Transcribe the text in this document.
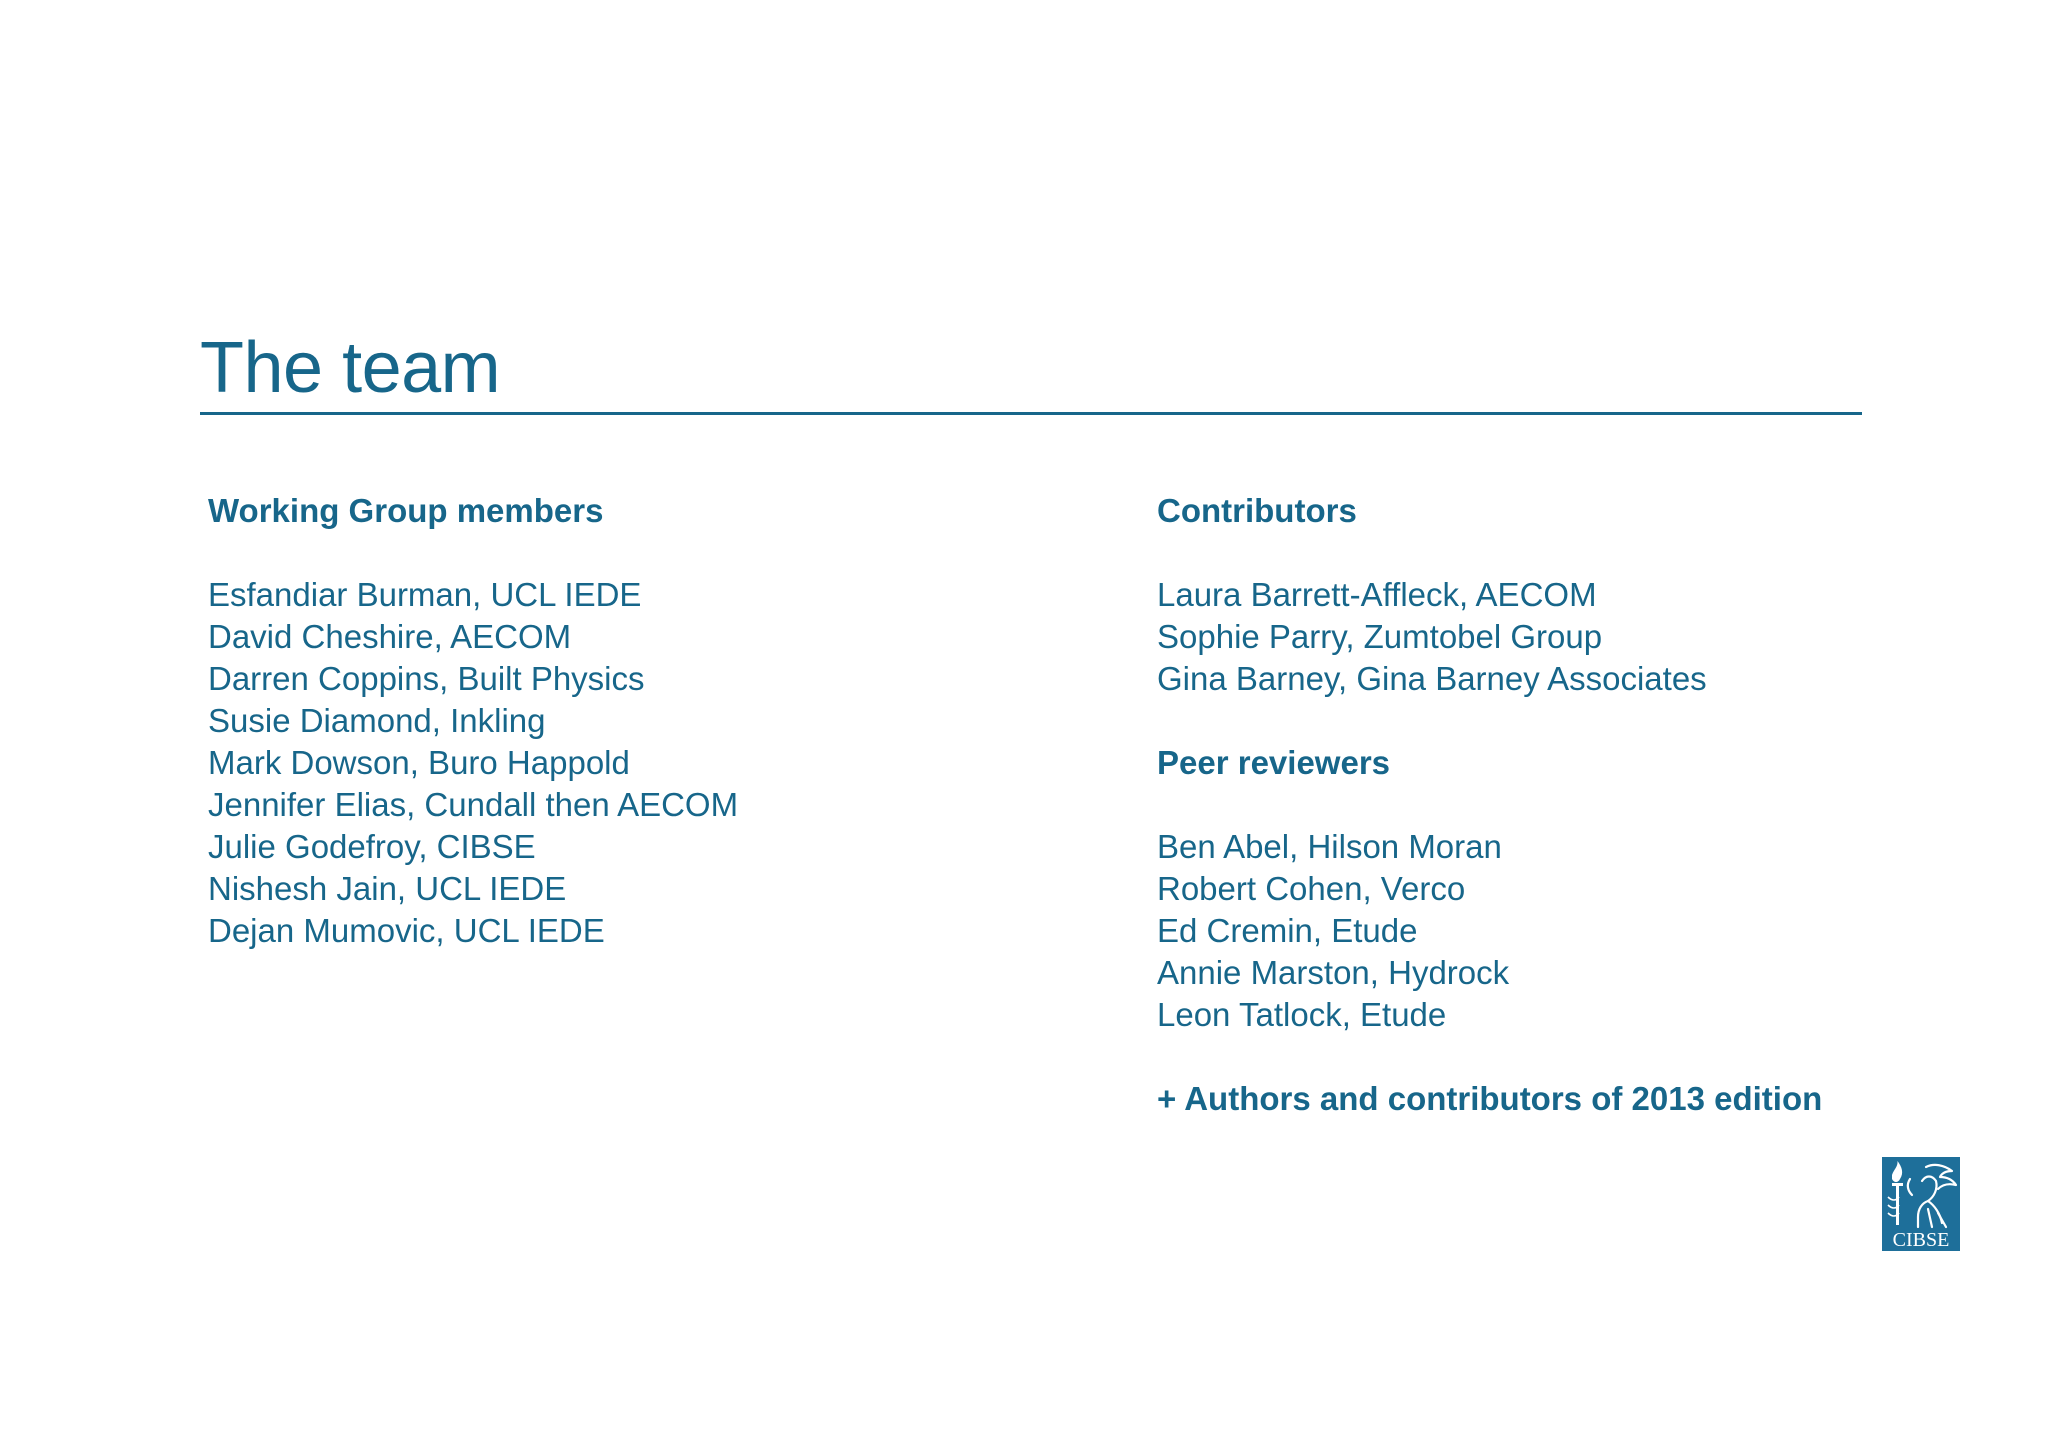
The team
Working Group members
Esfandiar Burman, UCL IEDE
David Cheshire, AECOM
Darren Coppins, Built Physics
Susie Diamond, Inkling
Mark Dowson, Buro Happold
Jennifer Elias, Cundall then AECOM
Julie Godefroy, CIBSE
Nishesh Jain, UCL IEDE
Dejan Mumovic, UCL IEDE
Contributors
Laura Barrett-Affleck, AECOM
Sophie Parry, Zumtobel Group
Gina Barney, Gina Barney Associates
Peer reviewers
Ben Abel, Hilson Moran
Robert Cohen, Verco
Ed Cremin, Etude
Annie Marston, Hydrock
Leon Tatlock, Etude

+ Authors and contributors of 2013 edition

CIBSE
